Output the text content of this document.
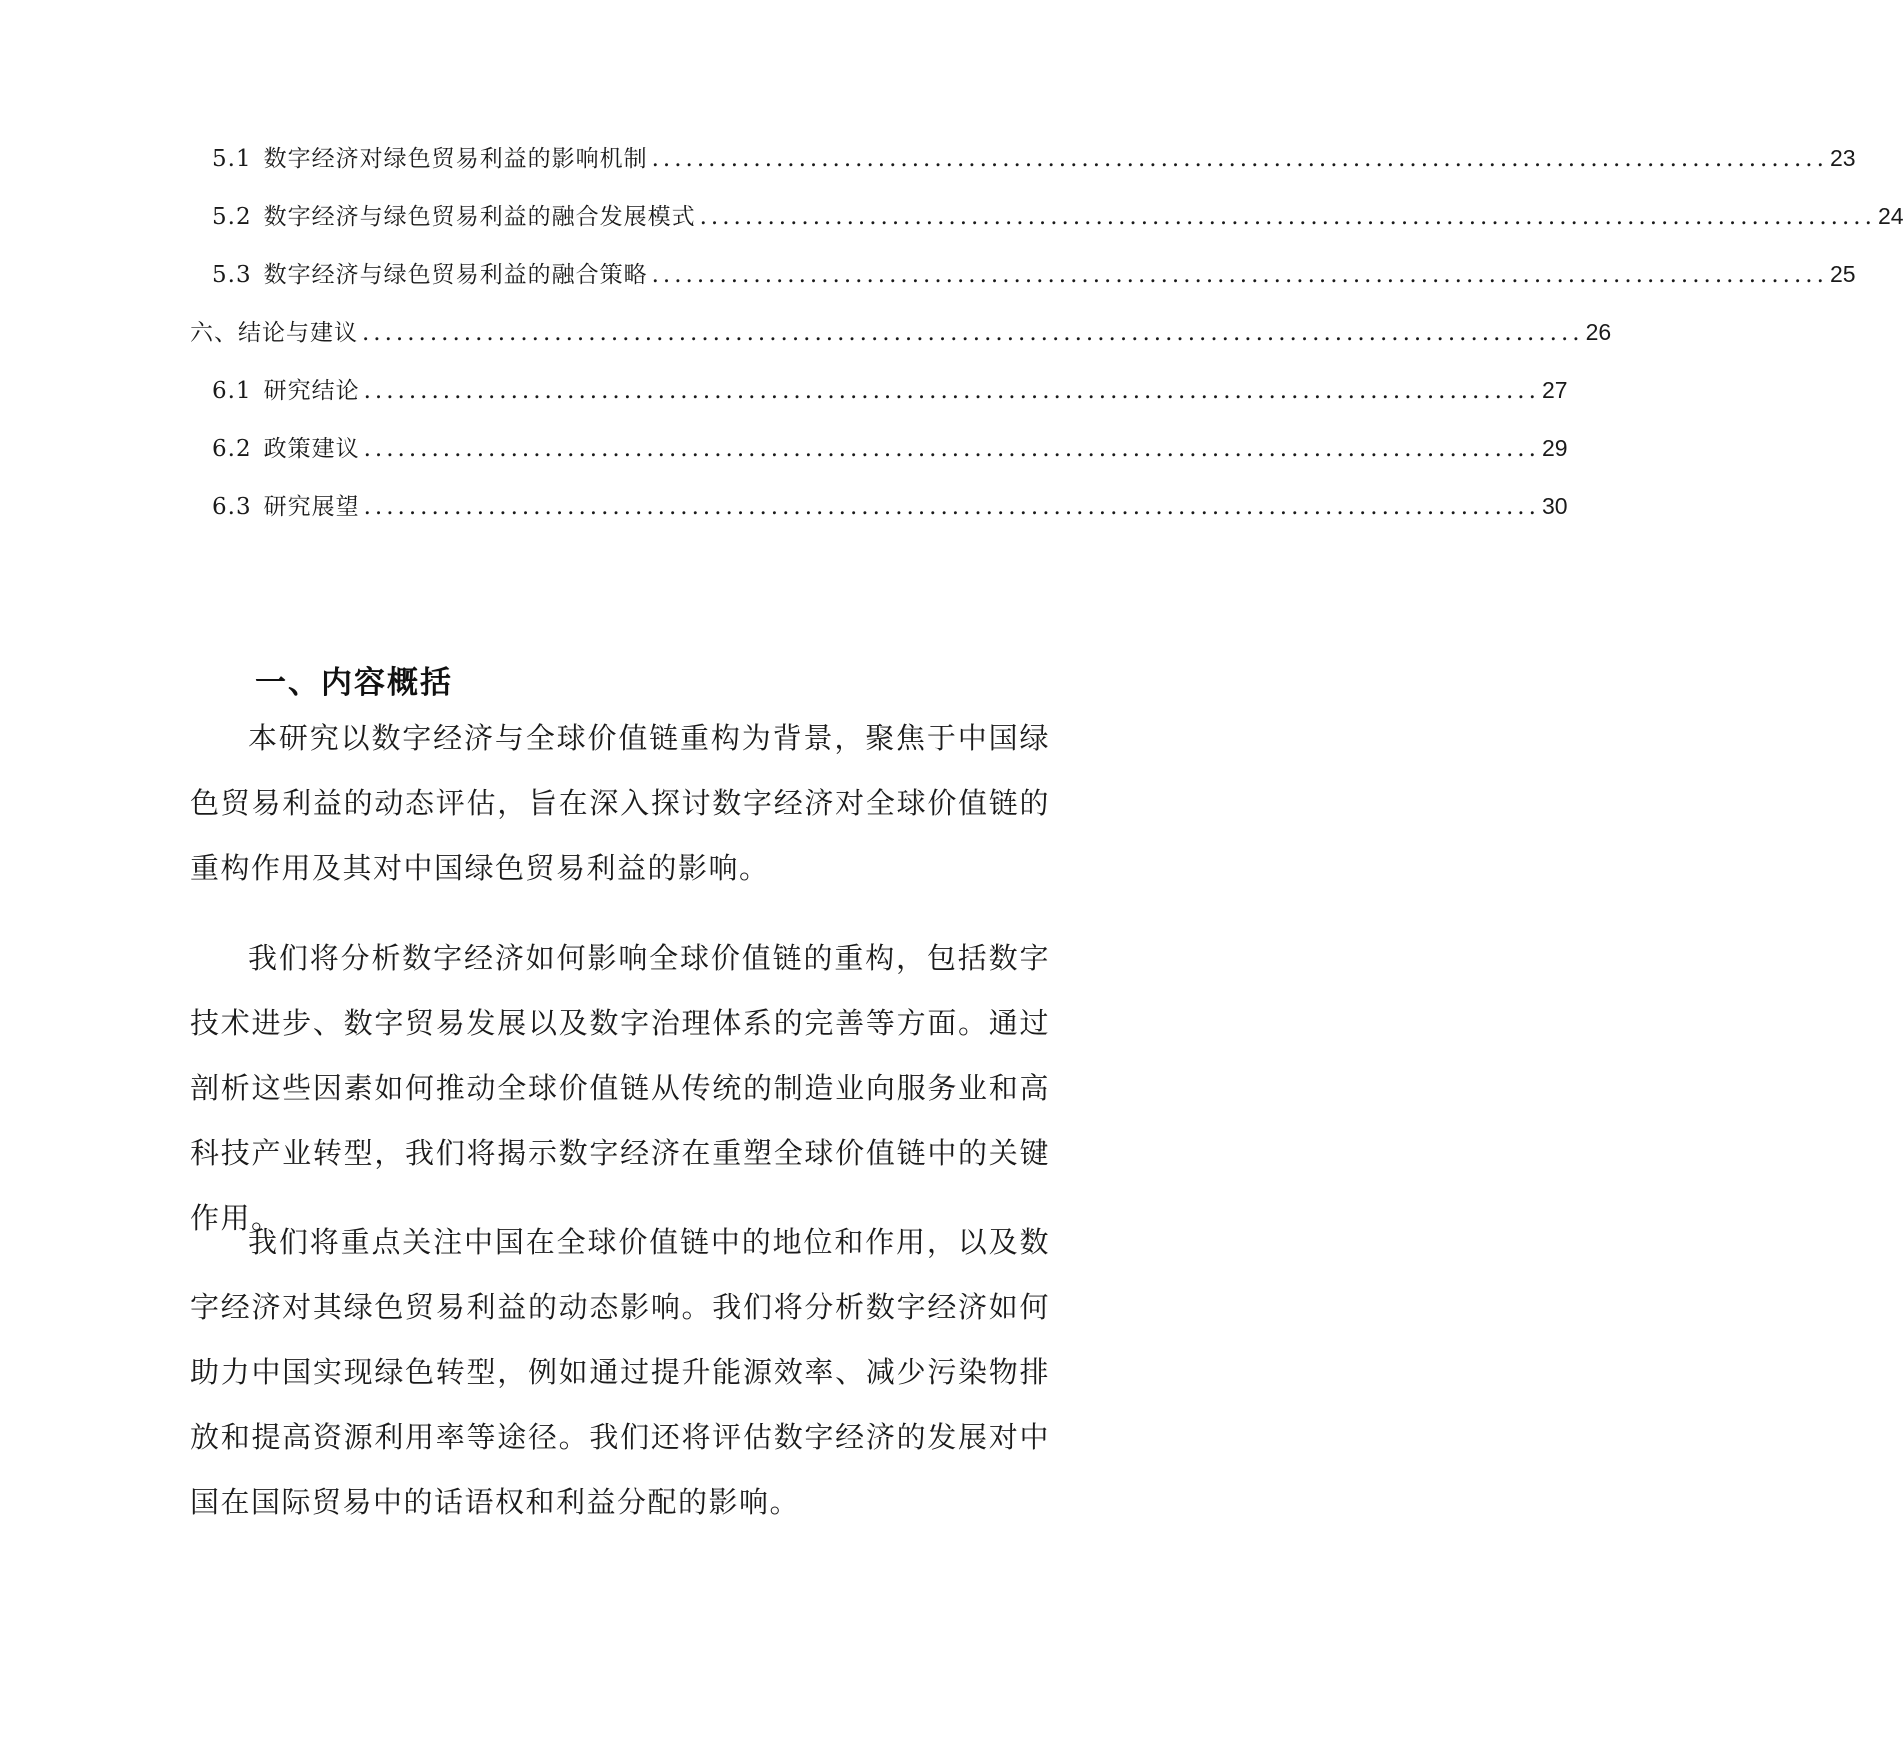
5.1 数字经济对绿色贸易利益的影响机制 ........................................................................................................ 23
5.2 数字经济与绿色贸易利益的融合发展模式 ........................................................................................................ 24
5.3 数字经济与绿色贸易利益的融合策略 ........................................................................................................ 25
六、 结论与建议 ............................................................................................................ 26
6.1 研究结论 ........................................................................................................ 27
6.2 政策建议 ........................................................................................................ 29
6.3 研究展望 ........................................................................................................ 30
一、内容概括

本研究以数字经济与全球价值链重构为背景，聚焦于中国绿色贸易利益的动态评估，旨在深入探讨数字经济对全球价值链的重构作用及其对中国绿色贸易利益的影响。

我们将分析数字经济如何影响全球价值链的重构，包括数字技术进步、数字贸易发展以及数字治理体系的完善等方面。通过剖析这些因素如何推动全球价值链从传统的制造业向服务业和高科技产业转型，我们将揭示数字经济在重塑全球价值链中的关键作用。

我们将重点关注中国在全球价值链中的地位和作用，以及数字经济对其绿色贸易利益的动态影响。我们将分析数字经济如何助力中国实现绿色转型，例如通过提升能源效率、减少污染物排放和提高资源利用率等途径。我们还将评估数字经济的发展对中国在国际贸易中的话语权和利益分配的影响。
